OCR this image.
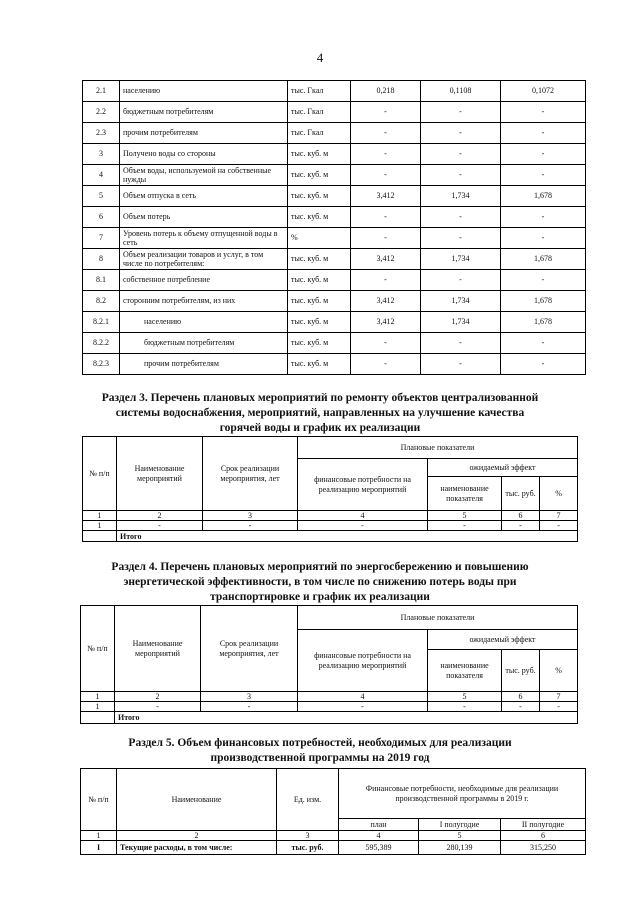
4
2.1	населению	тыс. Гкал	0,218	0,1108	0,1072
2.2	бюджетным потребителям	тыс. Гкал	-	-	-
2.3	прочим потребителям	тыс. Гкал	-	-	-
3	Получено воды со стороны	тыс. куб. м	-	-	-
4	Объем воды, используемой на собственные нужды	тыс. куб. м	-	-	-
5	Объем отпуска в сеть	тыс. куб. м	3,412	1,734	1,678
6	Объем потерь	тыс. куб. м	-	-	-
7	Уровень потерь к объему отпущенной воды в сеть	%	-	-	-
8	Объем реализации товаров и услуг, в том числе по потребителям:	тыс. куб. м	3,412	1,734	1,678
8.1	собственное потребление	тыс. куб. м	-	-	-
8.2	сторонним потребителям, из них	тыс. куб. м	3,412	1,734	1,678
8.2.1	населению	тыс. куб. м	3,412	1,734	1,678
8.2.2	бюджетным потребителям	тыс. куб. м	-	-	-
8.2.3	прочим потребителям	тыс. куб. м	-	-	-
Раздел 3. Перечень плановых мероприятий по ремонту объектов централизованной системы водоснабжения, мероприятий, направленных на улучшение качества горячей воды и график их реализации
№ п/п	Наименование мероприятий	Срок реализации мероприятия, лет	Плановые показатели			
			финансовые потребности на реализацию мероприятий	ожидаемый эффект		
				наименование показателя	тыс. руб.	%
1	2	3	4	5	6	7
1	-	-	-	-	-	-
	Итого					
Раздел 4. Перечень плановых мероприятий по энергосбережению и повышению энергетической эффективности, в том числе по снижению потерь воды при транспортировке и график их реализации
№ п/п	Наименование мероприятий	Срок реализации мероприятия, лет	Плановые показатели			
			финансовые потребности на реализацию мероприятий	ожидаемый эффект		
				наименование показателя	тыс. руб.	%
1	2	3	4	5	6	7
1	-	-	-	-	-	-
	Итого					
Раздел 5. Объем финансовых потребностей, необходимых для реализации производственной программы на 2019 год
№ п/п	Наименование	Ед. изм.	Финансовые потребности, необходимые для реализации производственной программы в 2019 г.		
			план	I полугодие	II полугодие
1	2	3	4	5	6
I	Текущие расходы, в том числе:	тыс. руб.	595,389	280,139	315,250
